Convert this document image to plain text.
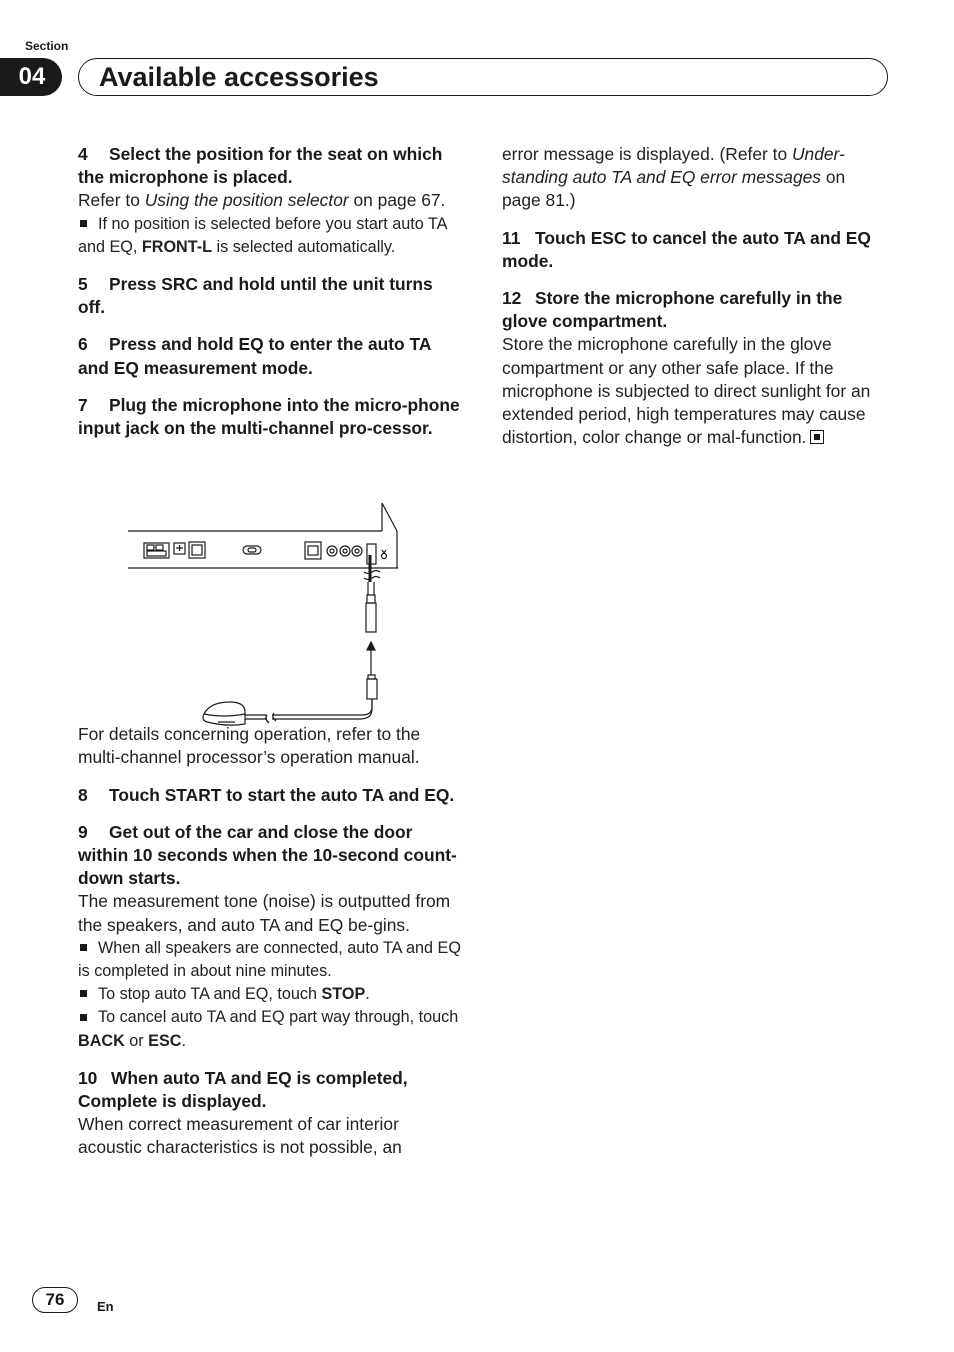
Section
04	Available accessories

4 Select the position for the seat on which the microphone is placed.

Refer to Using the position selector on page 67.

If no position is selected before you start auto TA and EQ, FRONT-L is selected automatically.

5 Press SRC and hold until the unit turns off.

6 Press and hold EQ to enter the auto TA and EQ measurement mode.

7 Plug the microphone into the micro-phone input jack on the multi-channel pro-cessor.

For details concerning operation, refer to the multi-channel processor’s operation manual.

8 Touch START to start the auto TA and EQ.

9 Get out of the car and close the door within 10 seconds when the 10-second count-down starts.

The measurement tone (noise) is outputted from the speakers, and auto TA and EQ be-gins.

When all speakers are connected, auto TA and EQ is completed in about nine minutes.

To stop auto TA and EQ, touch STOP.

To cancel auto TA and EQ part way through, touch BACK or ESC.

10 When auto TA and EQ is completed, Complete is displayed.

When correct measurement of car interior acoustic characteristics is not possible, an

error message is displayed. (Refer to Under-standing auto TA and EQ error messages on page 81.)

11 Touch ESC to cancel the auto TA and EQ mode.

12 Store the microphone carefully in the glove compartment.

Store the microphone carefully in the glove compartment or any other safe place. If the microphone is subjected to direct sunlight for an extended period, high temperatures may cause distortion, color change or mal-function.

76	En
